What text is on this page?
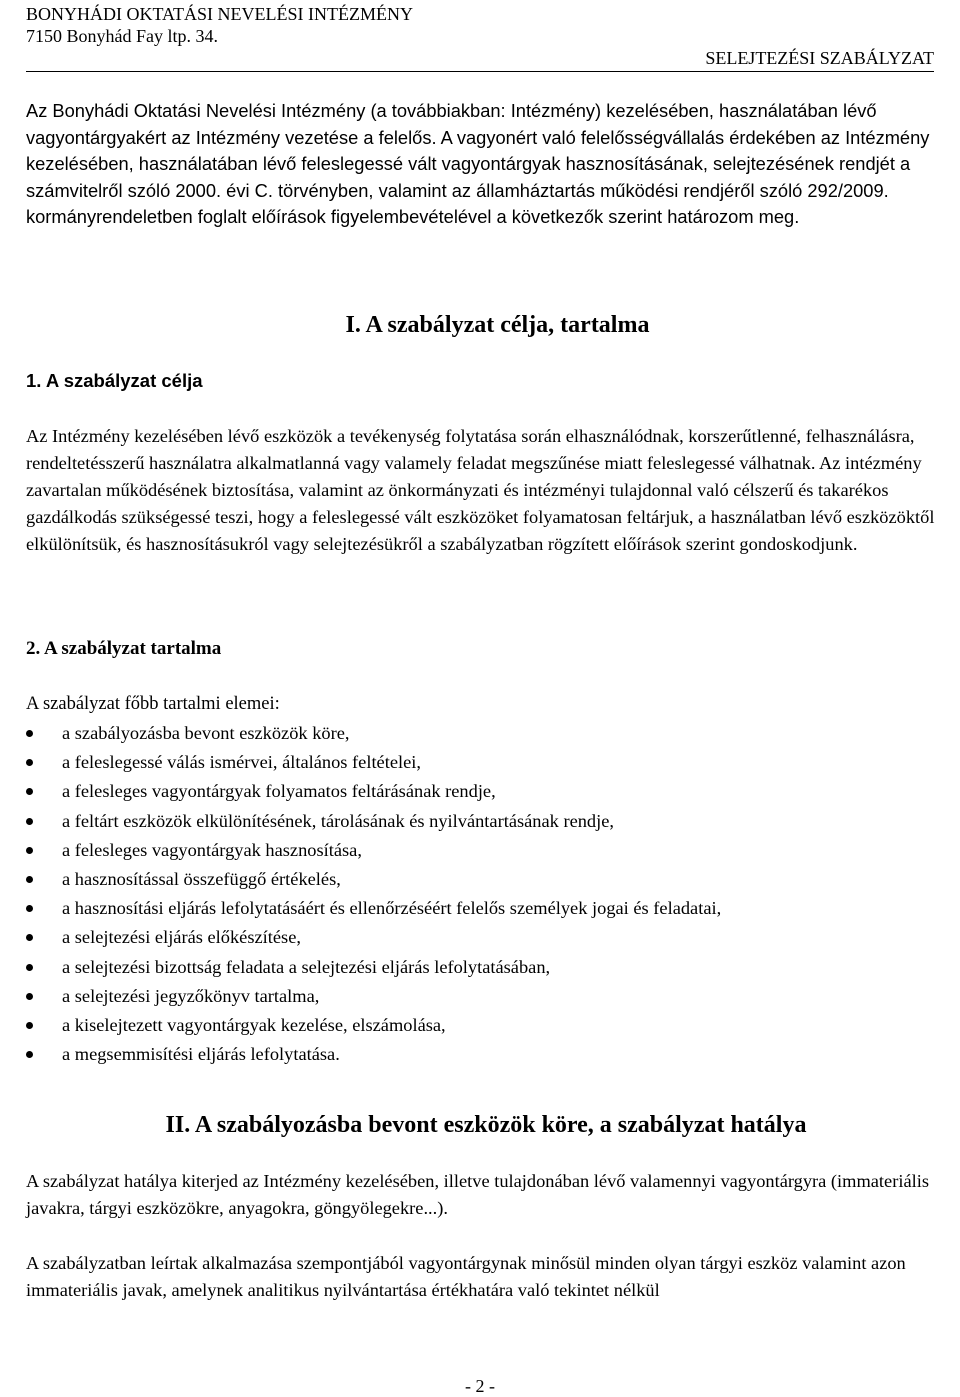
BONYHÁDI OKTATÁSI NEVELÉSI INTÉZMÉNY

7150 Bonyhád Fay ltp. 34.

SELEJTEZÉSI SZABÁLYZAT

Az Bonyhádi Oktatási Nevelési Intézmény (a továbbiakban: Intézmény) kezelésében, használatában lévő vagyontárgyakért az Intézmény vezetése a felelős. A vagyonért való felelősségvállalás érdekében az Intézmény kezelésében, használatában lévő feleslegessé vált vagyontárgyak hasznosításának, selejtezésének rendjét a számvitelről szóló 2000. évi C. törvényben, valamint az államháztartás működési rendjéről szóló 292/2009. kormányrendeletben foglalt előírások figyelembevételével a következők szerint határozom meg.

I. A szabályzat célja, tartalma
1. A szabályzat célja

Az Intézmény kezelésében lévő eszközök a tevékenység folytatása során elhasználódnak, korszerűtlenné, felhasználásra, rendeltetésszerű használatra alkalmatlanná vagy valamely feladat megszűnése miatt feleslegessé válhatnak. Az intézmény zavartalan működésének biztosítása, valamint az önkormányzati és intézményi tulajdonnal való célszerű és takarékos gazdálkodás szükségessé teszi, hogy a feleslegessé vált eszközöket folyamatosan feltárjuk, a használatban lévő eszközöktől elkülönítsük, és hasznosításukról vagy selejtezésükről a szabályzatban rögzített előírások szerint gondoskodjunk.

2. A szabályzat tartalma

A szabályzat főbb tartalmi elemei:

a szabályozásba bevont eszközök köre,
a feleslegessé válás ismérvei, általános feltételei,
a felesleges vagyontárgyak folyamatos feltárásának rendje,
a feltárt eszközök elkülönítésének, tárolásának és nyilvántartásának rendje,
a felesleges vagyontárgyak hasznosítása,
a hasznosítással összefüggő értékelés,
a hasznosítási eljárás lefolytatásáért és ellenőrzéséért felelős személyek jogai és feladatai,
a selejtezési eljárás előkészítése,
a selejtezési bizottság feladata a selejtezési eljárás lefolytatásában,
a selejtezési jegyzőkönyv tartalma,
a kiselejtezett vagyontárgyak kezelése, elszámolása,
a megsemmisítési eljárás lefolytatása.
II. A szabályozásba bevont eszközök köre, a szabályzat hatálya

A szabályzat hatálya kiterjed az Intézmény kezelésében, illetve tulajdonában lévő valamennyi vagyontárgyra (immateriális javakra, tárgyi eszközökre, anyagokra, göngyölegekre...).

A szabályzatban leírtak alkalmazása szempontjából vagyontárgynak minősül minden olyan tárgyi eszköz valamint azon immateriális javak, amelynek analitikus nyilvántartása értékhatára való tekintet nélkül

- 2 -
